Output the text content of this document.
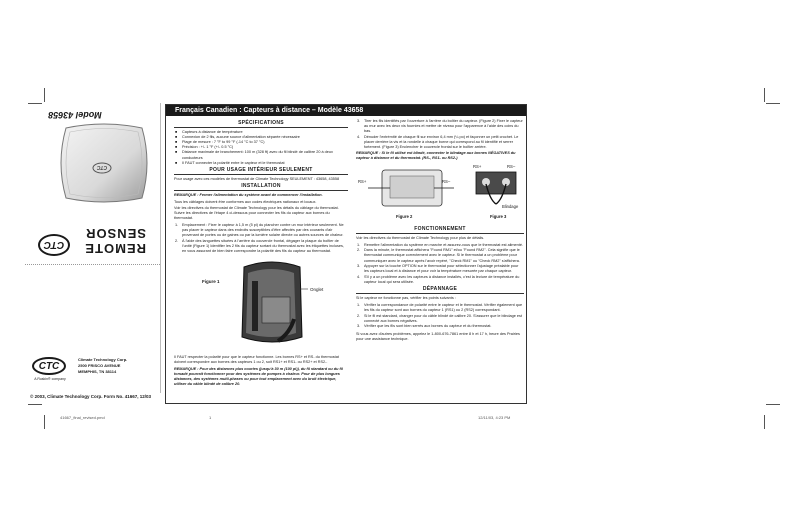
Model 43658
CTC
REMOTE
SENSOR
CTC
CTC
A Ruskin® company
Climate Technology Corp.
2500 FRISCO AVENUE
MEMPHIS, TN 38114
© 2003, Climate Technology Corp. Form No. 41667, 12/03
Français Canadien : Capteurs à distance – Modèle 43658
SPÉCIFICATIONS
■ Capteurs à distance de température
■ Connexion de 2 fils, aucune source d'alimentation séparée nécessaire
■ Plage de mesure : 7 °F to 99 °F (-14 °C to 37 °C)
■ Précision : +/- 1 °F (+/- 0.5 °C)
■ Distance maximale de branchement: 100 m (328 ft) avec du fil blindé de calibre 20 à deux conducteurs
■ Il FAUT connecter la polarité entre le capteur et le thermostat
POUR USAGE INTÉRIEUR SEULEMENT
Pour usage avec ces modèles de thermostat de Climate Technology SEULEMENT : 43658, 43558
INSTALLATION
REMARQUE : Fermer l'alimentation du système avant de commencer l'installation.
Tous les câblages doivent être conformes aux codes électriques nationaux et locaux.
Voir les directives du thermostat de Climate Technology pour les détails du câblage du thermostat. Suivre les directives de l'étape 4 ci-dessous pour connecter les fils du capteur aux bornes du thermostat.
1. Emplacement : Fixer le capteur à 1,5 m (5 pi) du plancher contre un mur intérieur seulement. Ne pas placer le capteur dans des endroits susceptibles d'être affectés par des courants d'air provenant de portes ou de gaines ou par la lumière solaire directe ou autres sources de chaleur.
2. À l'aide des languettes situées à l'arrière du couvercle frontal, dégager la plaque du boîtier de l'unité (Figure 1) Identifier les 2 fils du capteur sortant du thermostat avec les étiquettes incluses, en vous assurant de bien faire correspondre la polarité des fils du capteur au thermostat.
Figure 1
Onglet
Il FAUT respecter la polarité pour que le capteur fonctionne. Les bornes RS+ et RS- du thermostat doivent correspondre aux bornes des capteurs 1 ou 2, soit RS1+ et RS1- ou RS2+ et RS2-.
REMARQUE : Pour des distances plus courtes (jusqu'à 30 m (100 pi)), du fil standard ou du fil torsadé pourrait fonctionner pour des systèmes de pompes à chaleur. Pour de plus longues distances, des systèmes multi-phases ou pour tout emplacement avec du bruit électrique, utiliser du câble blindé de calibre 20.
3. Tirer les fils identifiés par l'ouverture à l'arrière du boîtier du capteur. (Figure 2) Fixer le capteur au mur avec les deux vis fournies et mettre de niveau pour l'apparence à l'aide des coins du bas.
4. Dénuder l'extrémité de chaque fil sur environ 6,4 mm (¼ po) et façonner un petit crochet. Le placer derrière la vis et la rondelle à chaque borne qui correspond au fil identifié et serrer fortement. (Figure 3) Enclencher le couvercle frontal sur le boîtier arrière.
REMARQUE : Si le fil utilisé est blindé, connecter le blindage aux bornes NÉGATIVES du capteur à distance et du thermostat. (RS-, RS1- ou RS2-)
RS+	RS–
Figure 2
RS+	RS–
Blindage
Figure 3
FONCTIONNEMENT
Voir les directives du thermostat de Climate Technology pour plus de détails.
1. Remettre l'alimentation du système en marche et assurez-vous que le thermostat est alimenté.
2. Dans la minute, le thermostat affichera "Found RM1" et/ou "Found RM2". Cela signifie que le thermostat communique correctement avec le capteur. Si le thermostat a un problème pour communiquer avec le capteur après l'avoir repéré, "Check RM1" ou "Check RM2" s'affichera.
3. Appuyer sur la touche OPTION sur le thermostat pour sélectionner l'ajustage préalable pour les capteurs local et à distance et pour voir la température mesurée par chaque capteur.
4. S'il y a un problème avec les capteurs à distance installés, c'est la lecture de température du capteur local qui sera utilisée.
DÉPANNAGE
Si le capteur ne fonctionne pas, vérifier les points suivants :
1. Vérifier la correspondance de polarité entre le capteur et le thermostat. Vérifier également que les fils du capteur sont aux bornes du capteur 1 (RS1) ou 2 (RS2) correspondant.
2. Si le fil est standard, changer pour du câble blindé de calibre 20. S'assurer que le blindage est connecté aux bornes négatives.
3. Vérifier que les fils sont bien serrés aux bornes du capteur et du thermostat.
Si vous avez d'autres problèmes, appelez le 1-800-676-7861 entre 8 h et 17 h, heure des Prairies pour une assistance technique.
41667_final_revised.pmd	1	12/11/03, 4:23 PM
